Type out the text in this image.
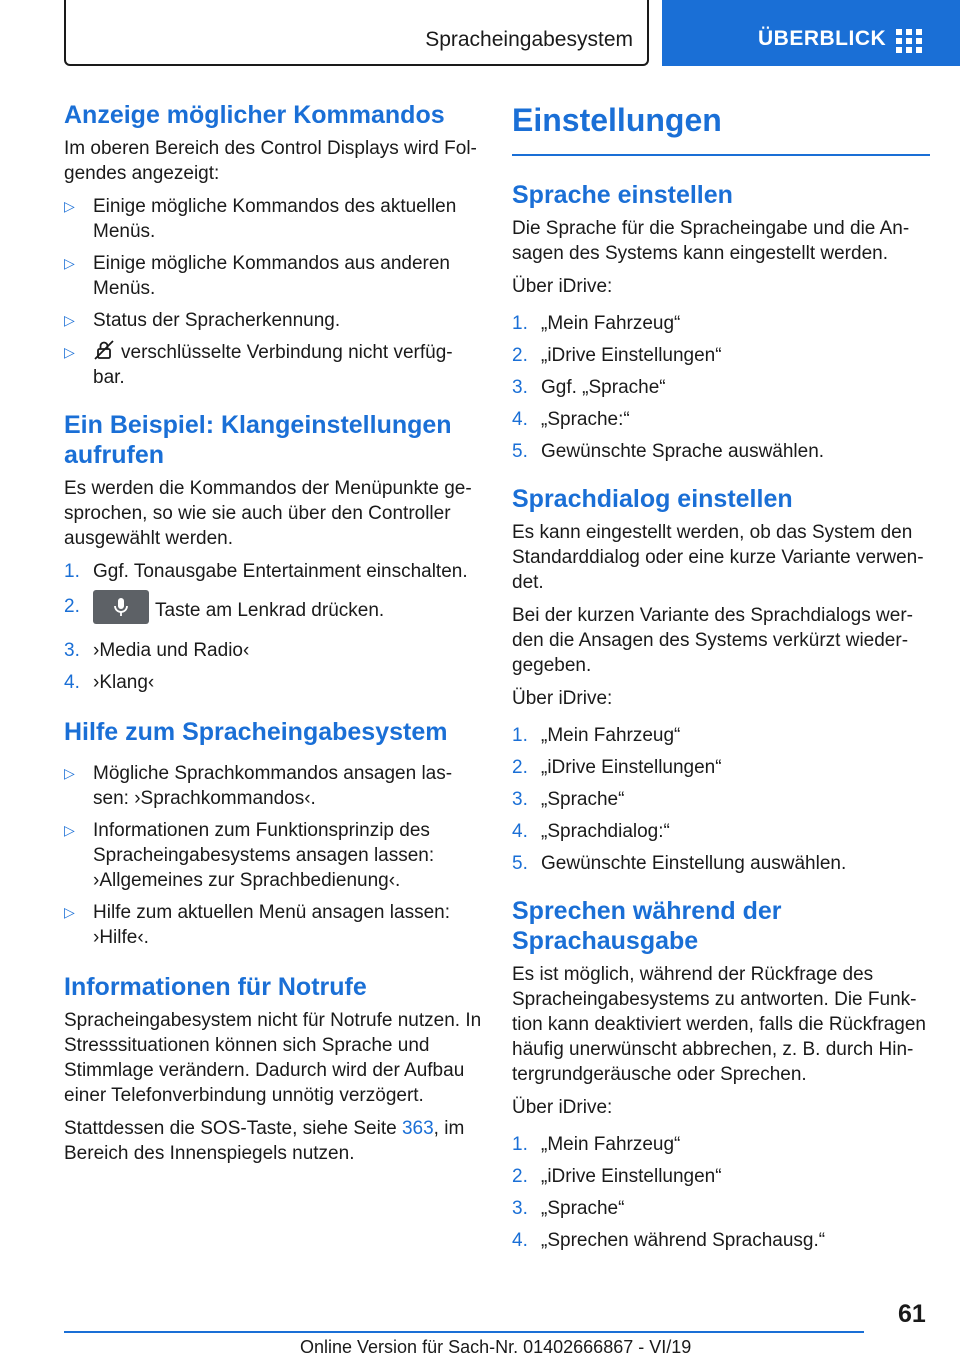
Spracheingabesystem	ÜBERBLICK
Anzeige möglicher Kommandos

Im oberen Bereich des Control Displays wird Fol-gendes angezeigt:

▷ Einige mögliche Kommandos des aktuellen Menüs.
▷ Einige mögliche Kommandos aus anderen Menüs.
▷ Status der Spracherkennung.
▷ verschlüsselte Verbindung nicht verfüg-bar.
Ein Beispiel: Klangeinstellungen aufrufen

Es werden die Kommandos der Menüpunkte ge-sprochen, so wie sie auch über den Controller ausgewählt werden.

1. Ggf. Tonausgabe Entertainment einschalten.
2.	Taste am Lenkrad drücken.
3. ›Media und Radio‹
4. ›Klang‹
Hilfe zum Spracheingabesystem
▷ Mögliche Sprachkommandos ansagen las-sen: ›Sprachkommandos‹.
▷ Informationen zum Funktionsprinzip des Spracheingabesystems ansagen lassen: ›Allgemeines zur Sprachbedienung‹.
▷ Hilfe zum aktuellen Menü ansagen lassen: ›Hilfe‹.
Informationen für Notrufe

Spracheingabesystem nicht für Notrufe nutzen. In Stresssituationen können sich Sprache und Stimmlage verändern. Dadurch wird der Aufbau einer Telefonverbindung unnötig verzögert.

Stattdessen die SOS-Taste, siehe Seite 363, im Bereich des Innenspiegels nutzen.

Einstellungen
Sprache einstellen

Die Sprache für die Spracheingabe und die An-sagen des Systems kann eingestellt werden.

Über iDrive:

1. „Mein Fahrzeug“
2. „iDrive Einstellungen“
3. Ggf. „Sprache“
4. „Sprache:“
5. Gewünschte Sprache auswählen.
Sprachdialog einstellen

Es kann eingestellt werden, ob das System den Standarddialog oder eine kurze Variante verwen-det.

Bei der kurzen Variante des Sprachdialogs wer-den die Ansagen des Systems verkürzt wieder-gegeben.

Über iDrive:

1. „Mein Fahrzeug“
2. „iDrive Einstellungen“
3. „Sprache“
4. „Sprachdialog:“
5. Gewünschte Einstellung auswählen.
Sprechen während der Sprachausgabe

Es ist möglich, während der Rückfrage des Spracheingabesystems zu antworten. Die Funk-tion kann deaktiviert werden, falls die Rückfragen häufig unerwünscht abbrechen, z. B. durch Hin-tergrundgeräusche oder Sprechen.

Über iDrive:

1. „Mein Fahrzeug“
2. „iDrive Einstellungen“
3. „Sprache“
4. „Sprechen während Sprachausg.“
61
Online Version für Sach-Nr. 01402666867 - VI/19
